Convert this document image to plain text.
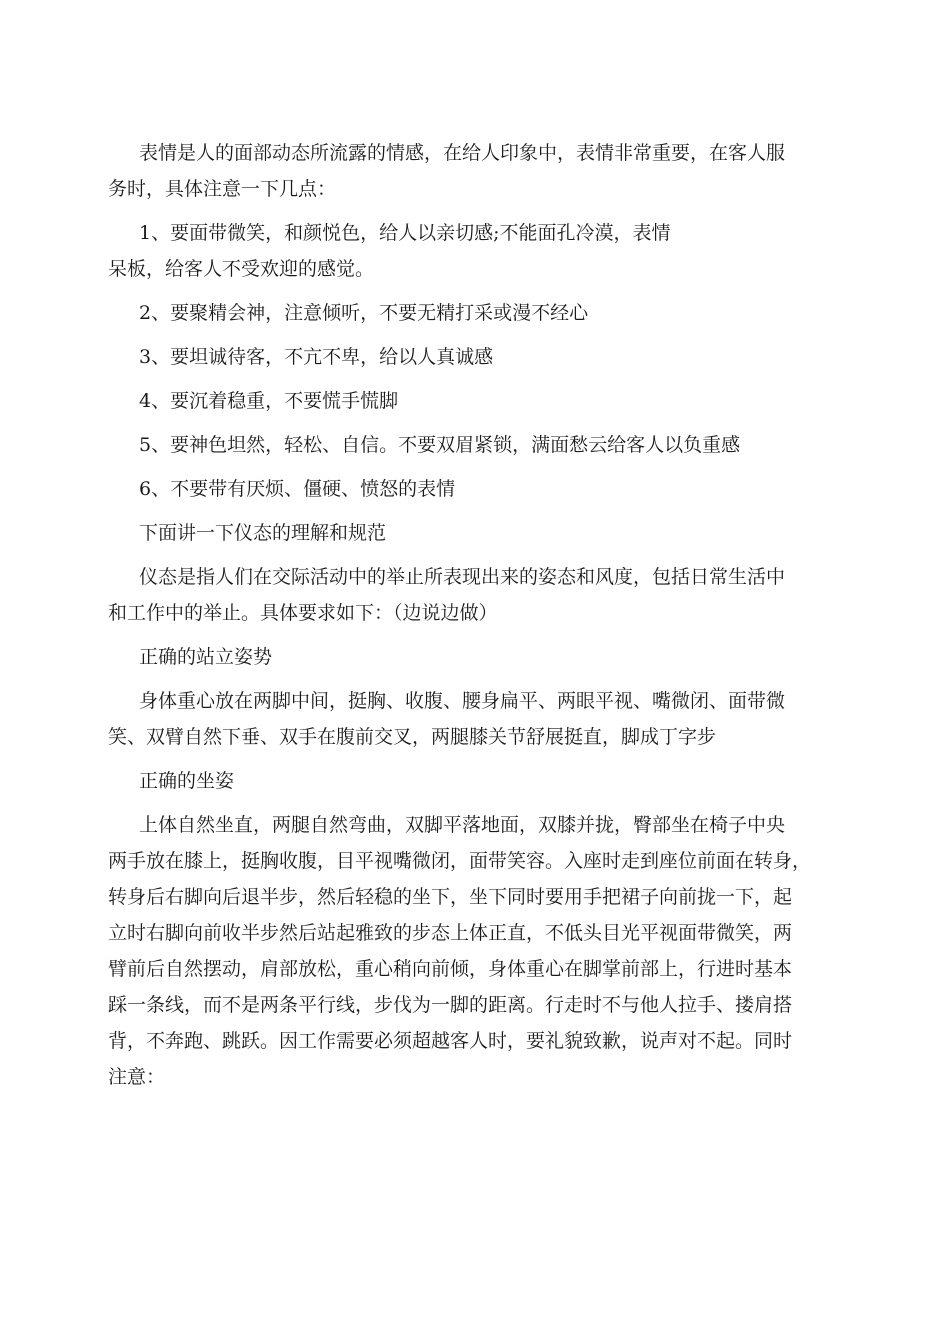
表情是人的面部动态所流露的情感，在给人印象中，表情非常重要，在客人服
务时，具体注意一下几点：
1、要面带微笑，和颜悦色，给人以亲切感;不能面孔冷漠，表情
呆板，给客人不受欢迎的感觉。
2、要聚精会神，注意倾听，不要无精打采或漫不经心
3、要坦诚待客，不亢不卑，给以人真诚感
4、要沉着稳重，不要慌手慌脚
5、要神色坦然，轻松、自信。不要双眉紧锁，满面愁云给客人以负重感
6、不要带有厌烦、僵硬、愤怒的表情
下面讲一下仪态的理解和规范
仪态是指人们在交际活动中的举止所表现出来的姿态和风度，包括日常生活中
和工作中的举止。具体要求如下：（边说边做）
正确的站立姿势
身体重心放在两脚中间，挺胸、收腹、腰身扁平、两眼平视、嘴微闭、面带微
笑、双臂自然下垂、双手在腹前交叉，两腿膝关节舒展挺直，脚成丁字步
正确的坐姿
上体自然坐直，两腿自然弯曲，双脚平落地面，双膝并拢，臀部坐在椅子中央
两手放在膝上，挺胸收腹，目平视嘴微闭，面带笑容。入座时走到座位前面在转身，
转身后右脚向后退半步，然后轻稳的坐下，坐下同时要用手把裙子向前拢一下，起
立时右脚向前收半步然后站起雅致的步态上体正直，不低头目光平视面带微笑，两
臂前后自然摆动，肩部放松，重心稍向前倾，身体重心在脚掌前部上，行进时基本
踩一条线，而不是两条平行线，步伐为一脚的距离。行走时不与他人拉手、搂肩搭
背，不奔跑、跳跃。因工作需要必须超越客人时，要礼貌致歉，说声对不起。同时
注意：
